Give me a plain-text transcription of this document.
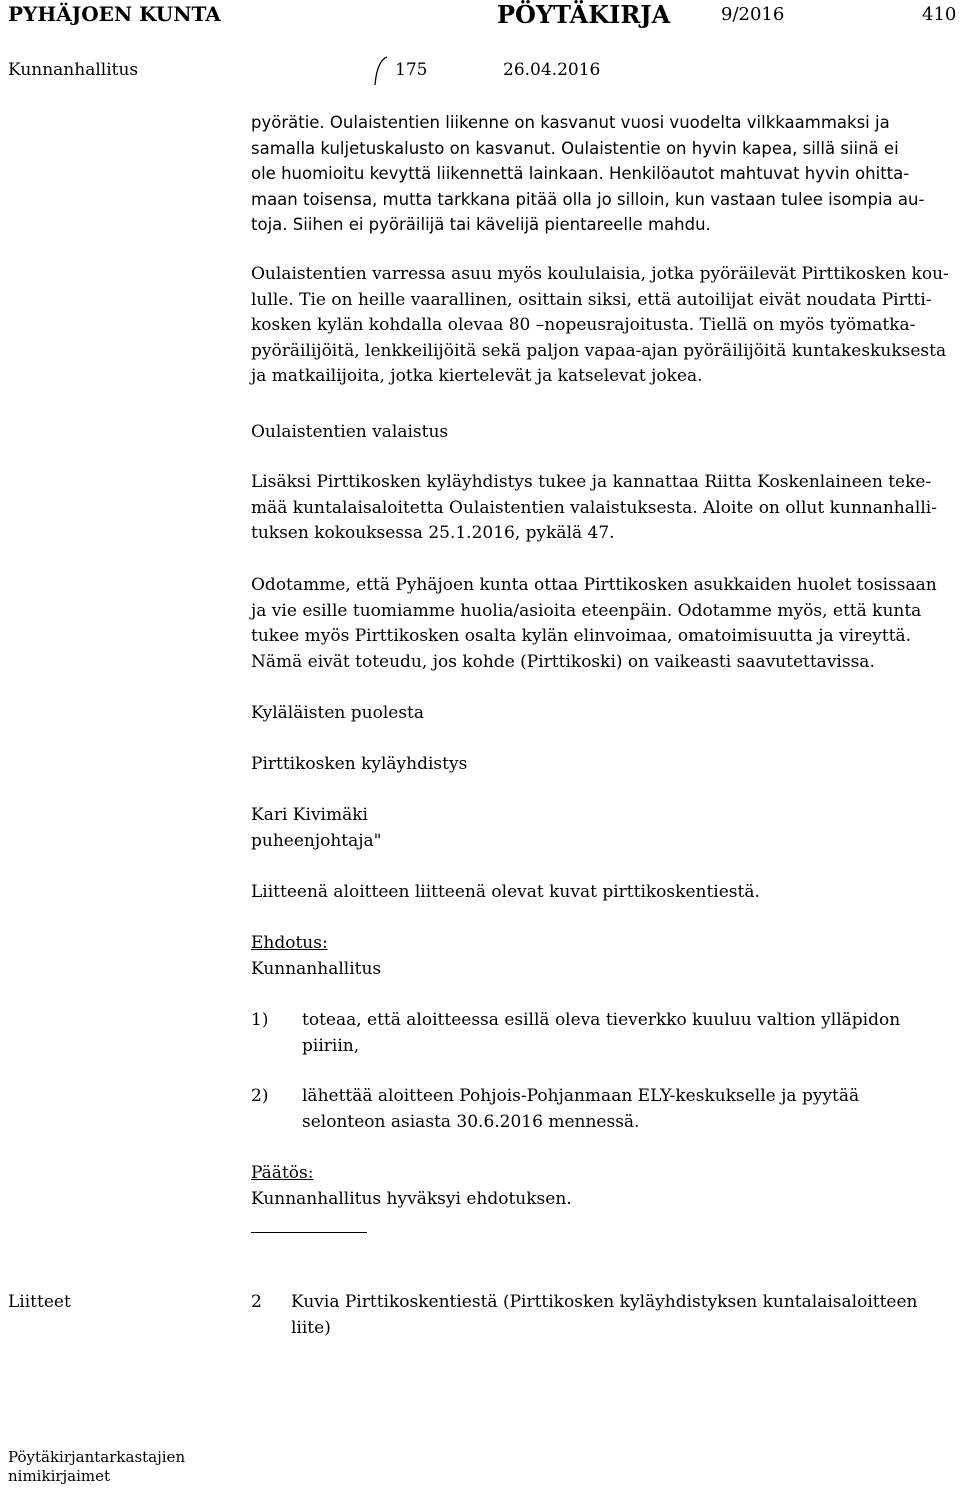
PYHÄJOEN KUNTA	PÖYTÄKIRJA	9/2016	410
Kunnanhallitus	175	26.04.2016
pyörätie. Oulaistentien liikenne on kasvanut vuosi vuodelta vilkkaammaksi ja
samalla kuljetuskalusto on kasvanut. Oulaistentie on hyvin kapea, sillä siinä ei
ole huomioitu kevyttä liikennettä lainkaan. Henkilöautot mahtuvat hyvin ohitta-
maan toisensa, mutta tarkkana pitää olla jo silloin, kun vastaan tulee isompia au-
toja. Siihen ei pyöräilijä tai kävelijä pientareelle mahdu.
Oulaistentien varressa asuu myös koululaisia, jotka pyöräilevät Pirttikosken kou-
lulle. Tie on heille vaarallinen, osittain siksi, että autoilijat eivät noudata Pirtti-
kosken kylän kohdalla olevaa 80 –nopeusrajoitusta. Tiellä on myös työmatka-
pyöräilijöitä, lenkkeilijöitä sekä paljon vapaa-ajan pyöräilijöitä kuntakeskuksesta
ja matkailijoita, jotka kiertelevät ja katselevat jokea.
Oulaistentien valaistus
Lisäksi Pirttikosken kyläyhdistys tukee ja kannattaa Riitta Koskenlaineen teke-
mää kuntalaisaloitetta Oulaistentien valaistuksesta. Aloite on ollut kunnanhalli-
tuksen kokouksessa 25.1.2016, pykälä 47.
Odotamme, että Pyhäjoen kunta ottaa Pirttikosken asukkaiden huolet tosissaan
ja vie esille tuomiamme huolia/asioita eteenpäin. Odotamme myös, että kunta
tukee myös Pirttikosken osalta kylän elinvoimaa, omatoimisuutta ja vireyttä.
Nämä eivät toteudu, jos kohde (Pirttikoski) on vaikeasti saavutettavissa.
Kyläläisten puolesta
Pirttikosken kyläyhdistys
Kari Kivimäki
puheenjohtaja"
Liitteenä aloitteen liitteenä olevat kuvat pirttikoskentiestä.
Ehdotus:
Kunnanhallitus
1) toteaa, että aloitteessa esillä oleva tieverkko kuuluu valtion ylläpidon
piiriin,
2) lähettää aloitteen Pohjois-Pohjanmaan ELY-keskukselle ja pyytää
selonteon asiasta 30.6.2016 mennessä.
Päätös:
Kunnanhallitus hyväksyi ehdotuksen.
Liitteet	2 Kuvia Pirttikoskentiestä (Pirttikosken kyläyhdistyksen kuntalaisaloitteen
liite)
Pöytäkirjantarkastajien
nimikirjaimet
